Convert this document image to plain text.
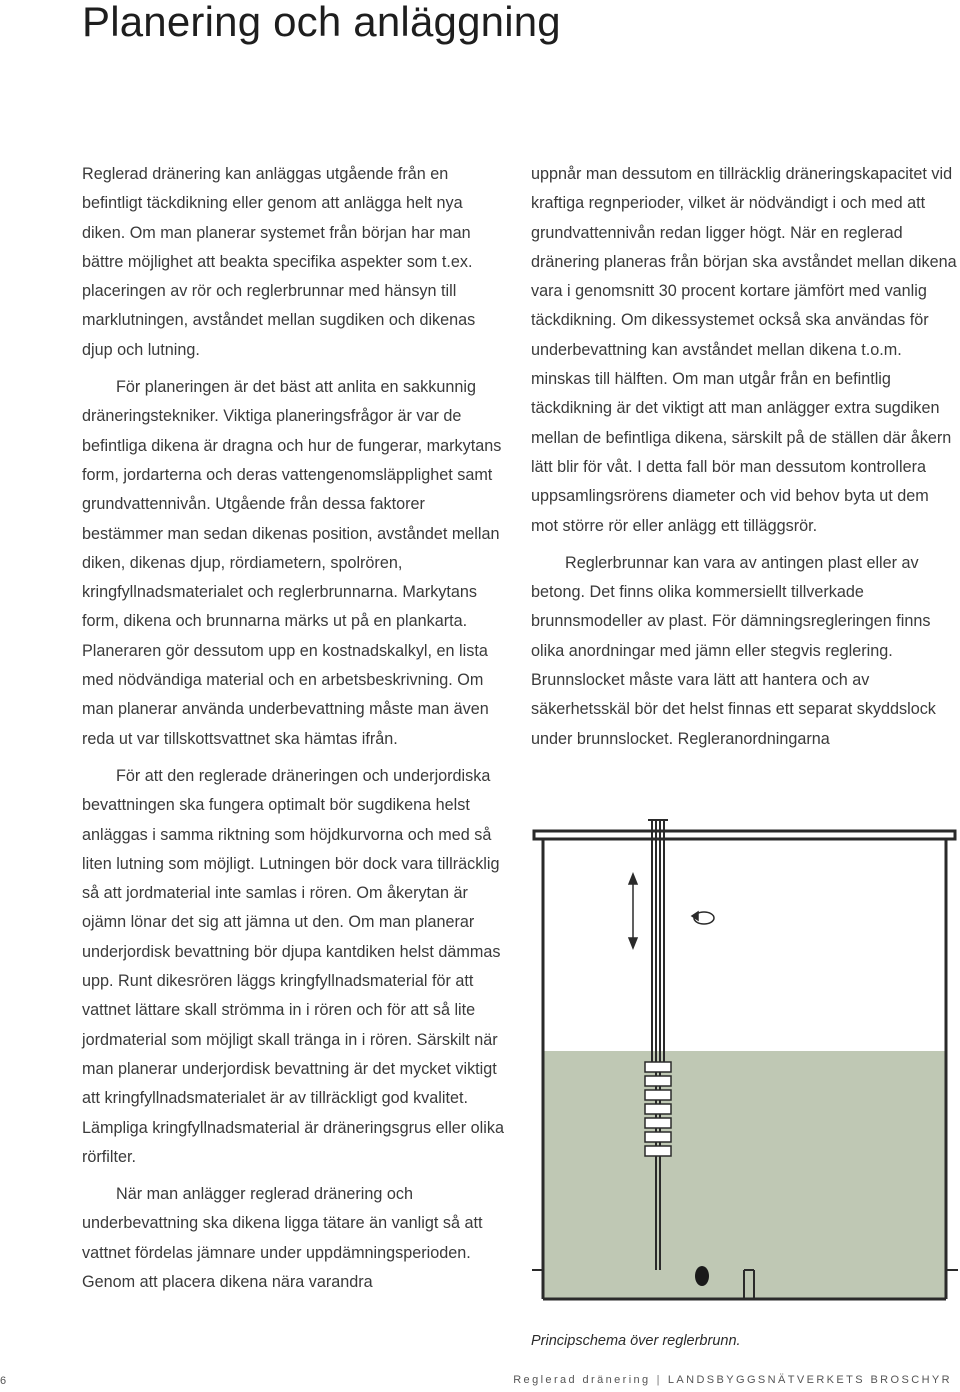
Planering och anläggning

Reglerad dränering kan anläggas utgående från en befintligt täckdikning eller genom att anlägga helt nya diken. Om man planerar systemet från början har man bättre möjlighet att beakta specifika aspekter som t.ex. placeringen av rör och reglerbrunnar med hänsyn till marklutningen, avståndet mellan sugdiken och dikenas djup och lutning.

För planeringen är det bäst att anlita en sakkunnig dräneringstekniker. Viktiga planeringsfrågor är var de befintliga dikena är dragna och hur de fungerar, markytans form, jordarterna och deras vattengenomsläpplighet samt grundvattennivån. Utgående från dessa faktorer bestämmer man sedan dikenas position, avståndet mellan diken, dikenas djup, rördiametern, spolrören, kringfyllnadsmaterialet och reglerbrunnarna. Markytans form, dikena och brunnarna märks ut på en plankarta. Planeraren gör dessutom upp en kostnadskalkyl, en lista med nödvändiga material och en arbetsbeskrivning. Om man planerar använda underbevattning måste man även reda ut var tillskottsvattnet ska hämtas ifrån.

För att den reglerade dräneringen och underjordiska bevattningen ska fungera optimalt bör sugdikena helst anläggas i samma riktning som höjdkurvorna och med så liten lutning som möjligt. Lutningen bör dock vara tillräcklig så att jordmaterial inte samlas i rören. Om åkerytan är ojämn lönar det sig att jämna ut den. Om man planerar underjordisk bevattning bör djupa kantdiken helst dämmas upp. Runt dikesrören läggs kringfyllnadsmaterial för att vattnet lättare skall strömma in i rören och för att så lite jordmaterial som möjligt skall tränga in i rören. Särskilt när man planerar underjordisk bevattning är det mycket viktigt att kringfyllnadsmaterialet är av tillräckligt god kvalitet. Lämpliga kringfyllnadsmaterial är dräneringsgrus eller olika rörfilter.

När man anlägger reglerad dränering och underbevattning ska dikena ligga tätare än vanligt så att vattnet fördelas jämnare under uppdämningsperioden. Genom att placera dikena nära varandra

uppnår man dessutom en tillräcklig dräneringskapacitet vid kraftiga regnperioder, vilket är nödvändigt i och med att grundvattennivån redan ligger högt. När en reglerad dränering planeras från början ska avståndet mellan dikena vara i genomsnitt 30 procent kortare jämfört med vanlig täckdikning. Om dikessystemet också ska användas för underbevattning kan avståndet mellan dikena t.o.m. minskas till hälften. Om man utgår från en befintlig täckdikning är det viktigt att man anlägger extra sugdiken mellan de befintliga dikena, särskilt på de ställen där åkern lätt blir för våt. I detta fall bör man dessutom kontrollera uppsamlingsrörens diameter och vid behov byta ut dem mot större rör eller anlägg ett tilläggsrör.

Reglerbrunnar kan vara av antingen plast eller av betong. Det finns olika kommersiellt tillverkade brunnsmodeller av plast. För dämningsregleringen finns olika anordningar med jämn eller stegvis reglering. Brunnslocket måste vara lätt att hantera och av säkerhetsskäl bör det helst finnas ett separat skyddslock under brunnslocket. Regleranordningarna

Principschema över reglerbrunn.
6	Reglerad dränering | LANDSBYGGSNÄTVERKETS BROSCHYR
